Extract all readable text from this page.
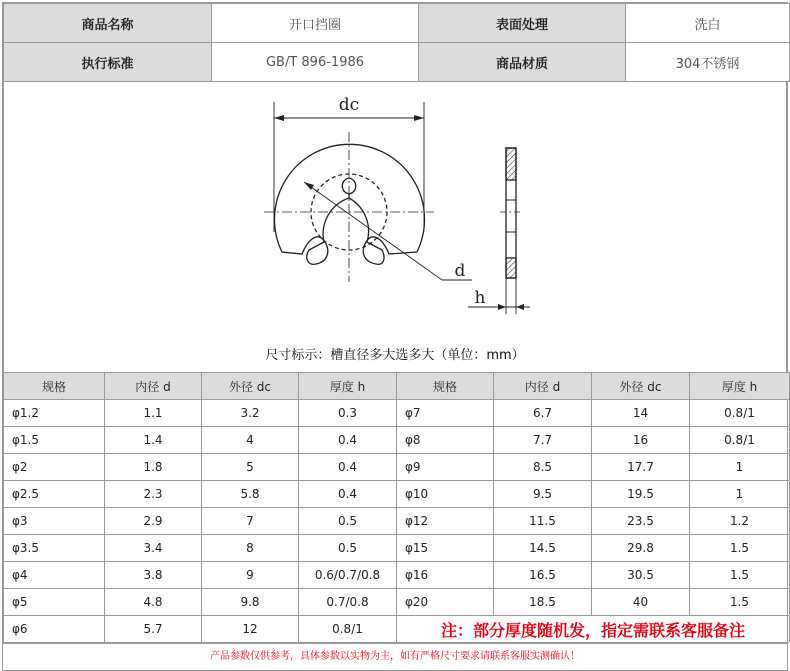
商品名称	开口挡圈	表面处理	洗白
执行标准	GB/T 896-1986	商品材质	304不锈钢
dc
d
h
尺寸标示：槽直径多大选多大（单位：mm）
规格	内径 d	外径 dc	厚度 h	规格	内径 d	外径 dc	厚度 h
φ1.2	1.1	3.2	0.3	φ7	6.7	14	0.8/1
φ1.5	1.4	4	0.4	φ8	7.7	16	0.8/1
φ2	1.8	5	0.4	φ9	8.5	17.7	1
φ2.5	2.3	5.8	0.4	φ10	9.5	19.5	1
φ3	2.9	7	0.5	φ12	11.5	23.5	1.2
φ3.5	3.4	8	0.5	φ15	14.5	29.8	1.5
φ4	3.8	9	0.6/0.7/0.8	φ16	16.5	30.5	1.5
φ5	4.8	9.8	0.7/0.8	φ20	18.5	40	1.5
φ6	5.7	12	0.8/1	注：部分厚度随机发，指定需联系客服备注			
产品参数仅供参考，具体参数以实物为主，如有严格尺寸要求请联系客服实测确认！
